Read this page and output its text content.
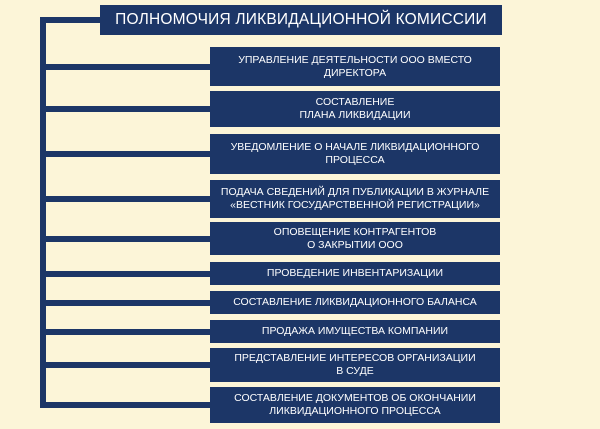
ПОЛНОМОЧИЯ ЛИКВИДАЦИОННОЙ КОМИССИИ
УПРАВЛЕНИЕ ДЕЯТЕЛЬНОСТИ ООО ВМЕСТО
ДИРЕКТОРА
СОСТАВЛЕНИЕ
ПЛАНА ЛИКВИДАЦИИ
УВЕДОМЛЕНИЕ О НАЧАЛЕ ЛИКВИДАЦИОННОГО
ПРОЦЕССА
ПОДАЧА СВЕДЕНИЙ ДЛЯ ПУБЛИКАЦИИ В ЖУРНАЛЕ
«ВЕСТНИК ГОСУДАРСТВЕННОЙ РЕГИСТРАЦИИ»
ОПОВЕЩЕНИЕ КОНТРАГЕНТОВ
О ЗАКРЫТИИ ООО
ПРОВЕДЕНИЕ ИНВЕНТАРИЗАЦИИ
СОСТАВЛЕНИЕ ЛИКВИДАЦИОННОГО БАЛАНСА
ПРОДАЖА ИМУЩЕСТВА КОМПАНИИ
ПРЕДСТАВЛЕНИЕ ИНТЕРЕСОВ ОРГАНИЗАЦИИ
В СУДЕ
СОСТАВЛЕНИЕ ДОКУМЕНТОВ ОБ ОКОНЧАНИИ
ЛИКВИДАЦИОННОГО ПРОЦЕССА
